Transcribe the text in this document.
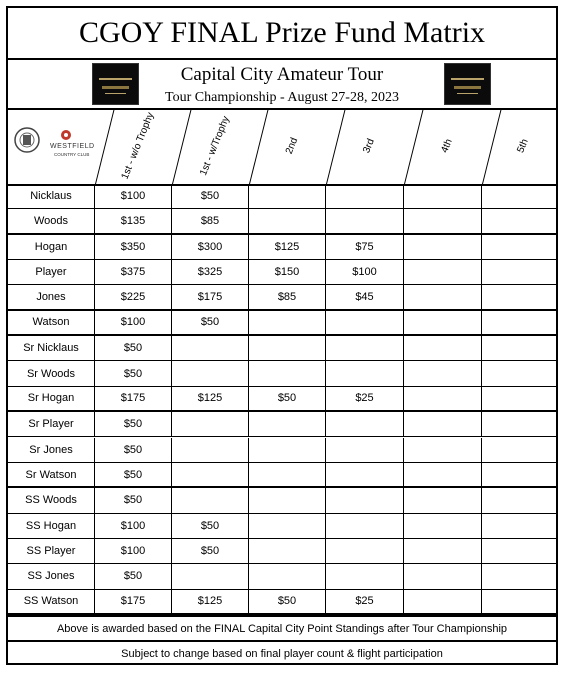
CGOY FINAL Prize Fund Matrix
Capital City Amateur Tour
Tour Championship - August 27-28, 2023
WESTFIELD
COUNTRY CLUB	1st - w/o Trophy	1st - w/Trophy	2nd	3rd	4th	5th
Nicklaus	$100	$50
Woods	$135	$85
Hogan	$350	$300	$125	$75
Player	$375	$325	$150	$100
Jones	$225	$175	$85	$45
Watson	$100	$50
Sr Nicklaus	$50
Sr Woods	$50
Sr Hogan	$175	$125	$50	$25
Sr Player	$50
Sr Jones	$50
Sr Watson	$50
SS Woods	$50
SS Hogan	$100	$50
SS Player	$100	$50
SS Jones	$50
SS Watson	$175	$125	$50	$25
Above is awarded based on the FINAL Capital City Point Standings after Tour Championship
Subject to change based on final player count & flight participation
